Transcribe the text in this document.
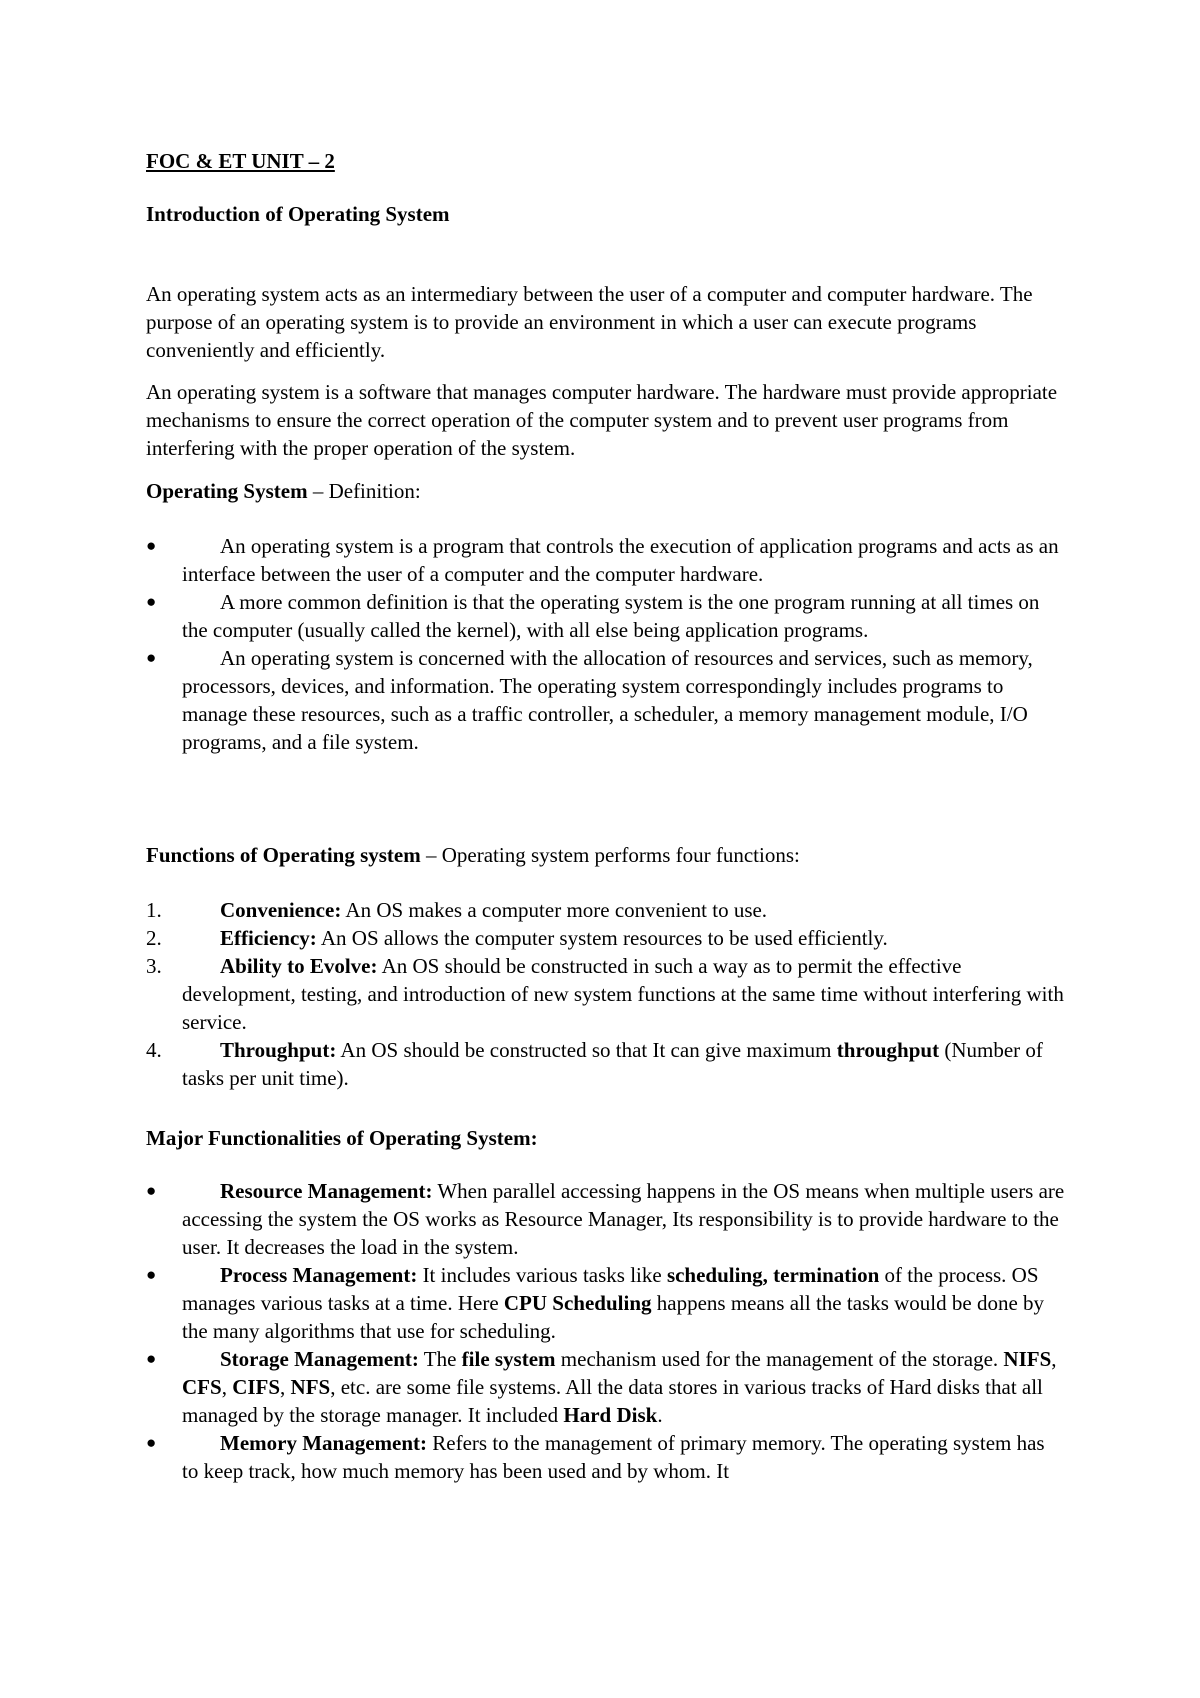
FOC & ET UNIT – 2

Introduction of Operating System

An operating system acts as an intermediary between the user of a computer and computer hardware. The purpose of an operating system is to provide an environment in which a user can execute programs conveniently and efficiently.

An operating system is a software that manages computer hardware. The hardware must provide appropriate mechanisms to ensure the correct operation of the computer system and to prevent user programs from interfering with the proper operation of the system.

Operating System – Definition:

●	An operating system is a program that controls the execution of application programs and acts as an interface between the user of a computer and the computer hardware.
●	A more common definition is that the operating system is the one program running at all times on the computer (usually called the kernel), with all else being application programs.
●	An operating system is concerned with the allocation of resources and services, such as memory, processors, devices, and information. The operating system correspondingly includes programs to manage these resources, such as a traffic controller, a scheduler, a memory management module, I/O programs, and a file system.

Functions of Operating system – Operating system performs four functions:

1.	Convenience: An OS makes a computer more convenient to use.
2.	Efficiency: An OS allows the computer system resources to be used efficiently.
3.	Ability to Evolve: An OS should be constructed in such a way as to permit the effective development, testing, and introduction of new system functions at the same time without interfering with service.
4.	Throughput: An OS should be constructed so that It can give maximum throughput (Number of tasks per unit time).

Major Functionalities of Operating System:

●	Resource Management: When parallel accessing happens in the OS means when multiple users are accessing the system the OS works as Resource Manager, Its responsibility is to provide hardware to the user. It decreases the load in the system.
●	Process Management: It includes various tasks like scheduling, termination of the process. OS manages various tasks at a time. Here CPU Scheduling happens means all the tasks would be done by the many algorithms that use for scheduling.
●	Storage Management: The file system mechanism used for the management of the storage. NIFS, CFS, CIFS, NFS, etc. are some file systems. All the data stores in various tracks of Hard disks that all managed by the storage manager. It included Hard Disk.
●	Memory Management: Refers to the management of primary memory. The operating system has to keep track, how much memory has been used and by whom. It
